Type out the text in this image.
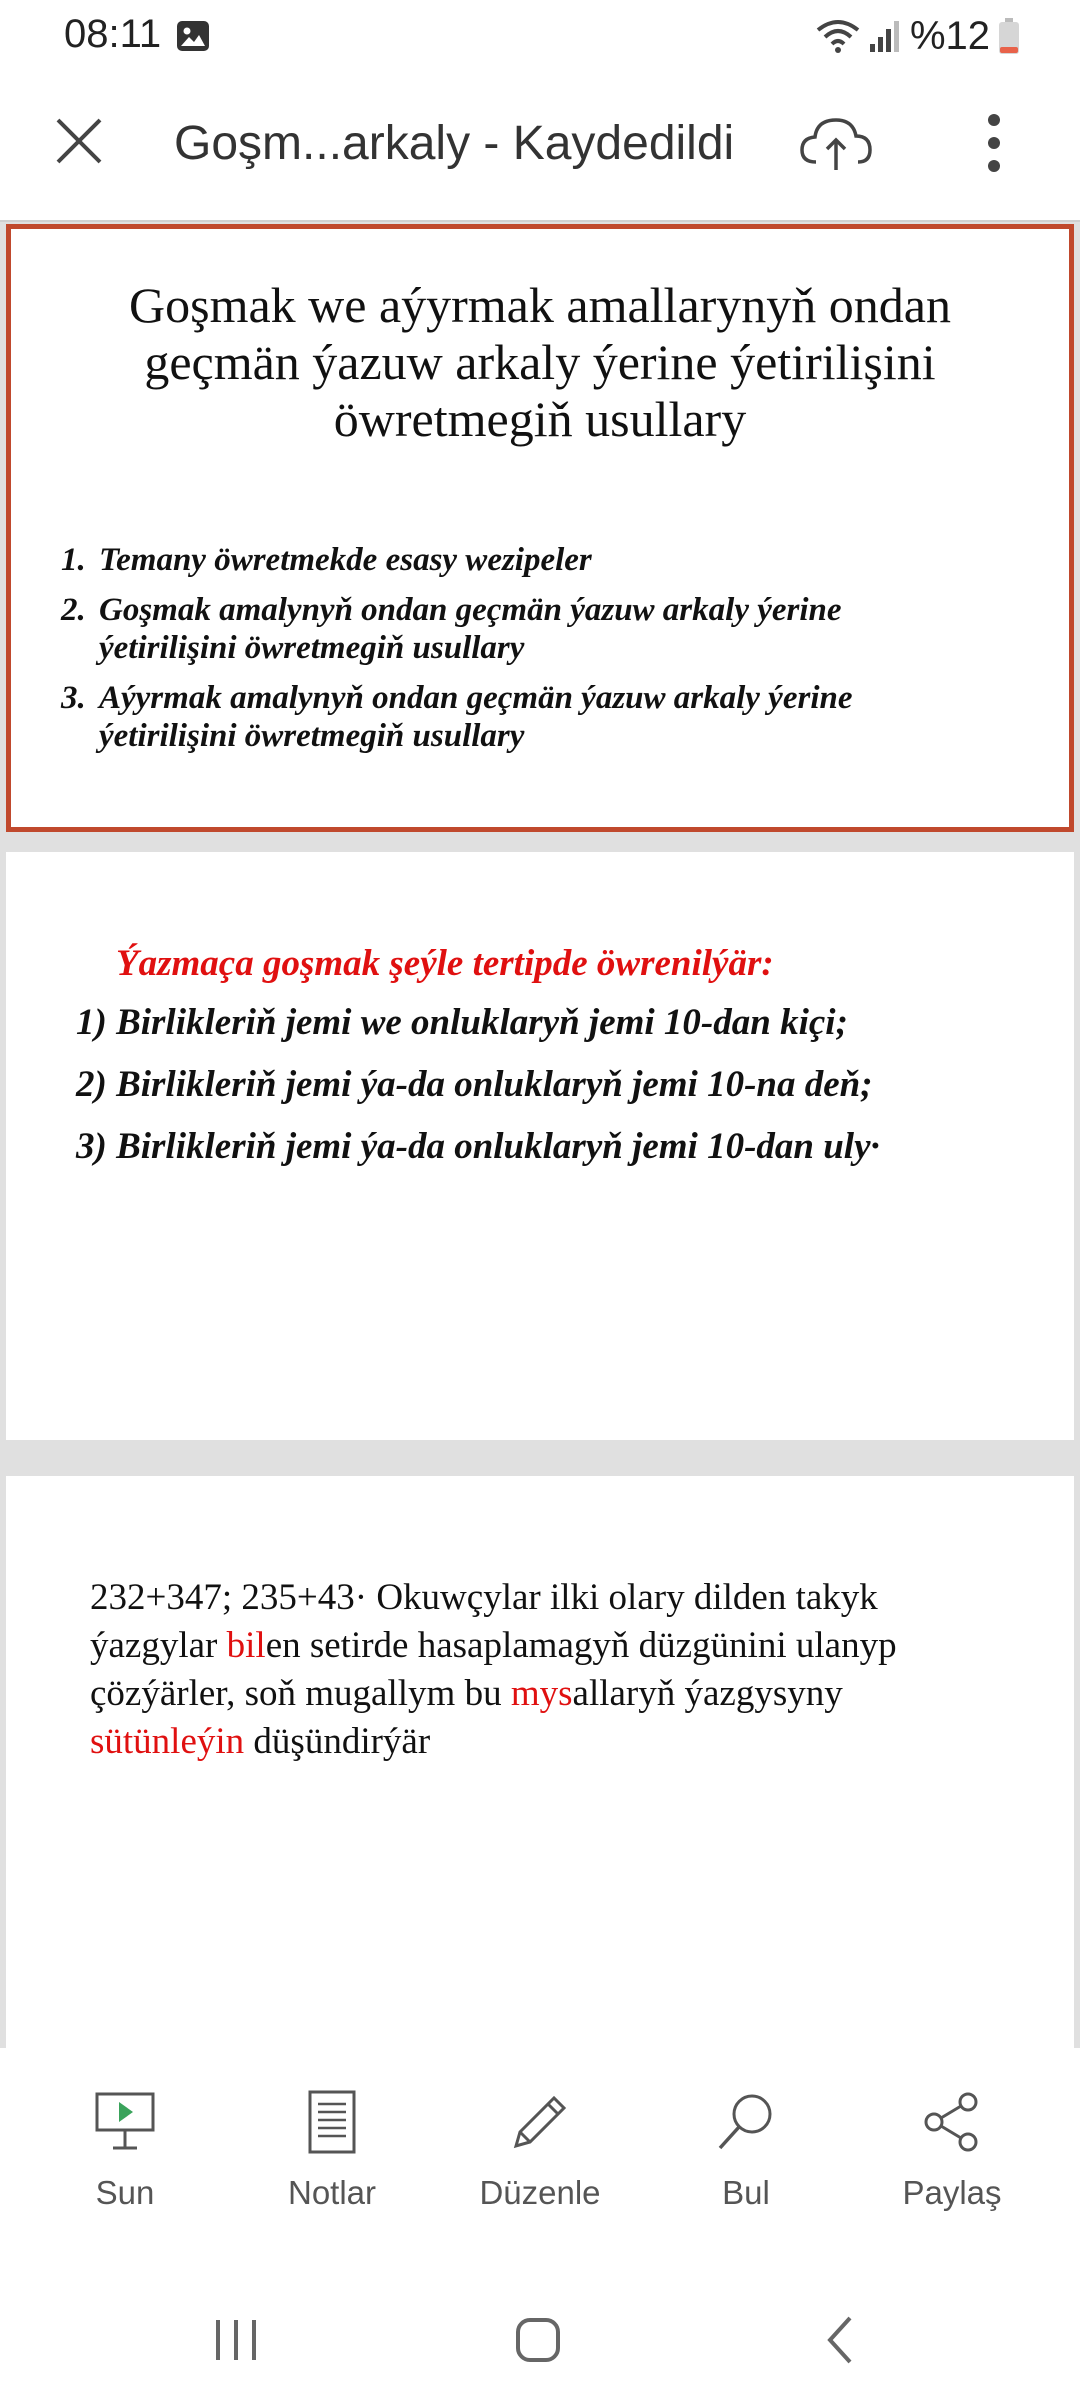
08:11	%12
Goşm...arkaly - Kaydedildi
Goşmak we aýyrmak amallarynyň ondan
geçmän ýazuw arkaly ýerine ýetirilişini
öwretmegiň usullary
1. Temany öwretmekde esasy wezipeler
2. Goşmak amalynyň ondan geçmän ýazuw arkaly ýerine
ýetirilişini öwretmegiň usullary
3. Aýyrmak amalynyň ondan geçmän ýazuw arkaly ýerine
ýetirilişini öwretmegiň usullary
Ýazmaça goşmak şeýle tertipde öwrenilýär:
1) Birlikleriň jemi we onluklaryň jemi 10-dan kiçi;
2) Birlikleriň jemi ýa-da onluklaryň jemi 10-na deň;
3) Birlikleriň jemi ýa-da onluklaryň jemi 10-dan uly·
232+347; 235+43· Okuwçylar ilki olary dilden takyk
ýazgylar bilen setirde hasaplamagyň düzgünini ulanyp
çözýärler, soň mugallym bu mysallaryň ýazgysyny
sütünleýin düşündirýär
Sun	Notlar	Düzenle	Bul	Paylaş
